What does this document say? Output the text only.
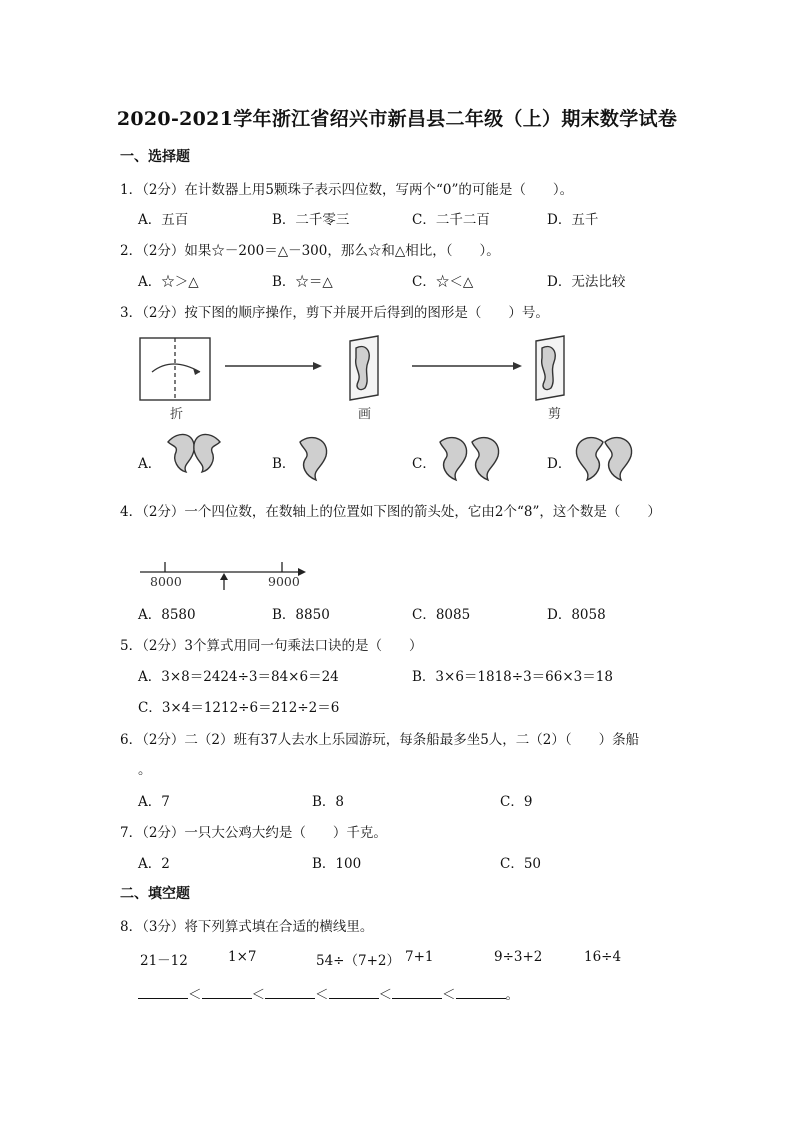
2020-2021学年浙江省绍兴市新昌县二年级（上）期末数学试卷
一、选择题
1．（2分）在计数器上用5颗珠子表示四位数，写两个“0”的可能是（　　）。
A．五百	B．二千零三	C．二千二百	D．五千
2．（2分）如果☆－200＝△－300，那么☆和△相比，（　　）。
A．☆＞△	B．☆＝△	C．☆＜△	D．无法比较
3．（2分）按下图的顺序操作，剪下并展开后得到的图形是（　　）号。
折	画	剪
A．	B．	C．	D．
4．（2分）一个四位数，在数轴上的位置如下图的箭头处，它由2个“8”，这个数是（　　）
8000	9000
A．8580	B．8850	C．8085	D．8058
5．（2分）3个算式用同一句乘法口诀的是（　　）
A．3×8＝2424÷3＝84×6＝24	B．3×6＝1818÷3＝66×3＝18
C．3×4＝1212÷6＝212÷2＝6
6．（2分）二（2）班有37人去水上乐园游玩，每条船最多坐5人，二（2）（　　）条船
。
A．7	B．8	C．9
7．（2分）一只大公鸡大约是（　　）千克。
A．2	B．100	C．50
二、填空题
8．（3分）将下列算式填在合适的横线里。
21－12	1×7	54÷（7+2） 7+1	9÷3+2	16÷4
＜	＜	＜	＜	＜	。
